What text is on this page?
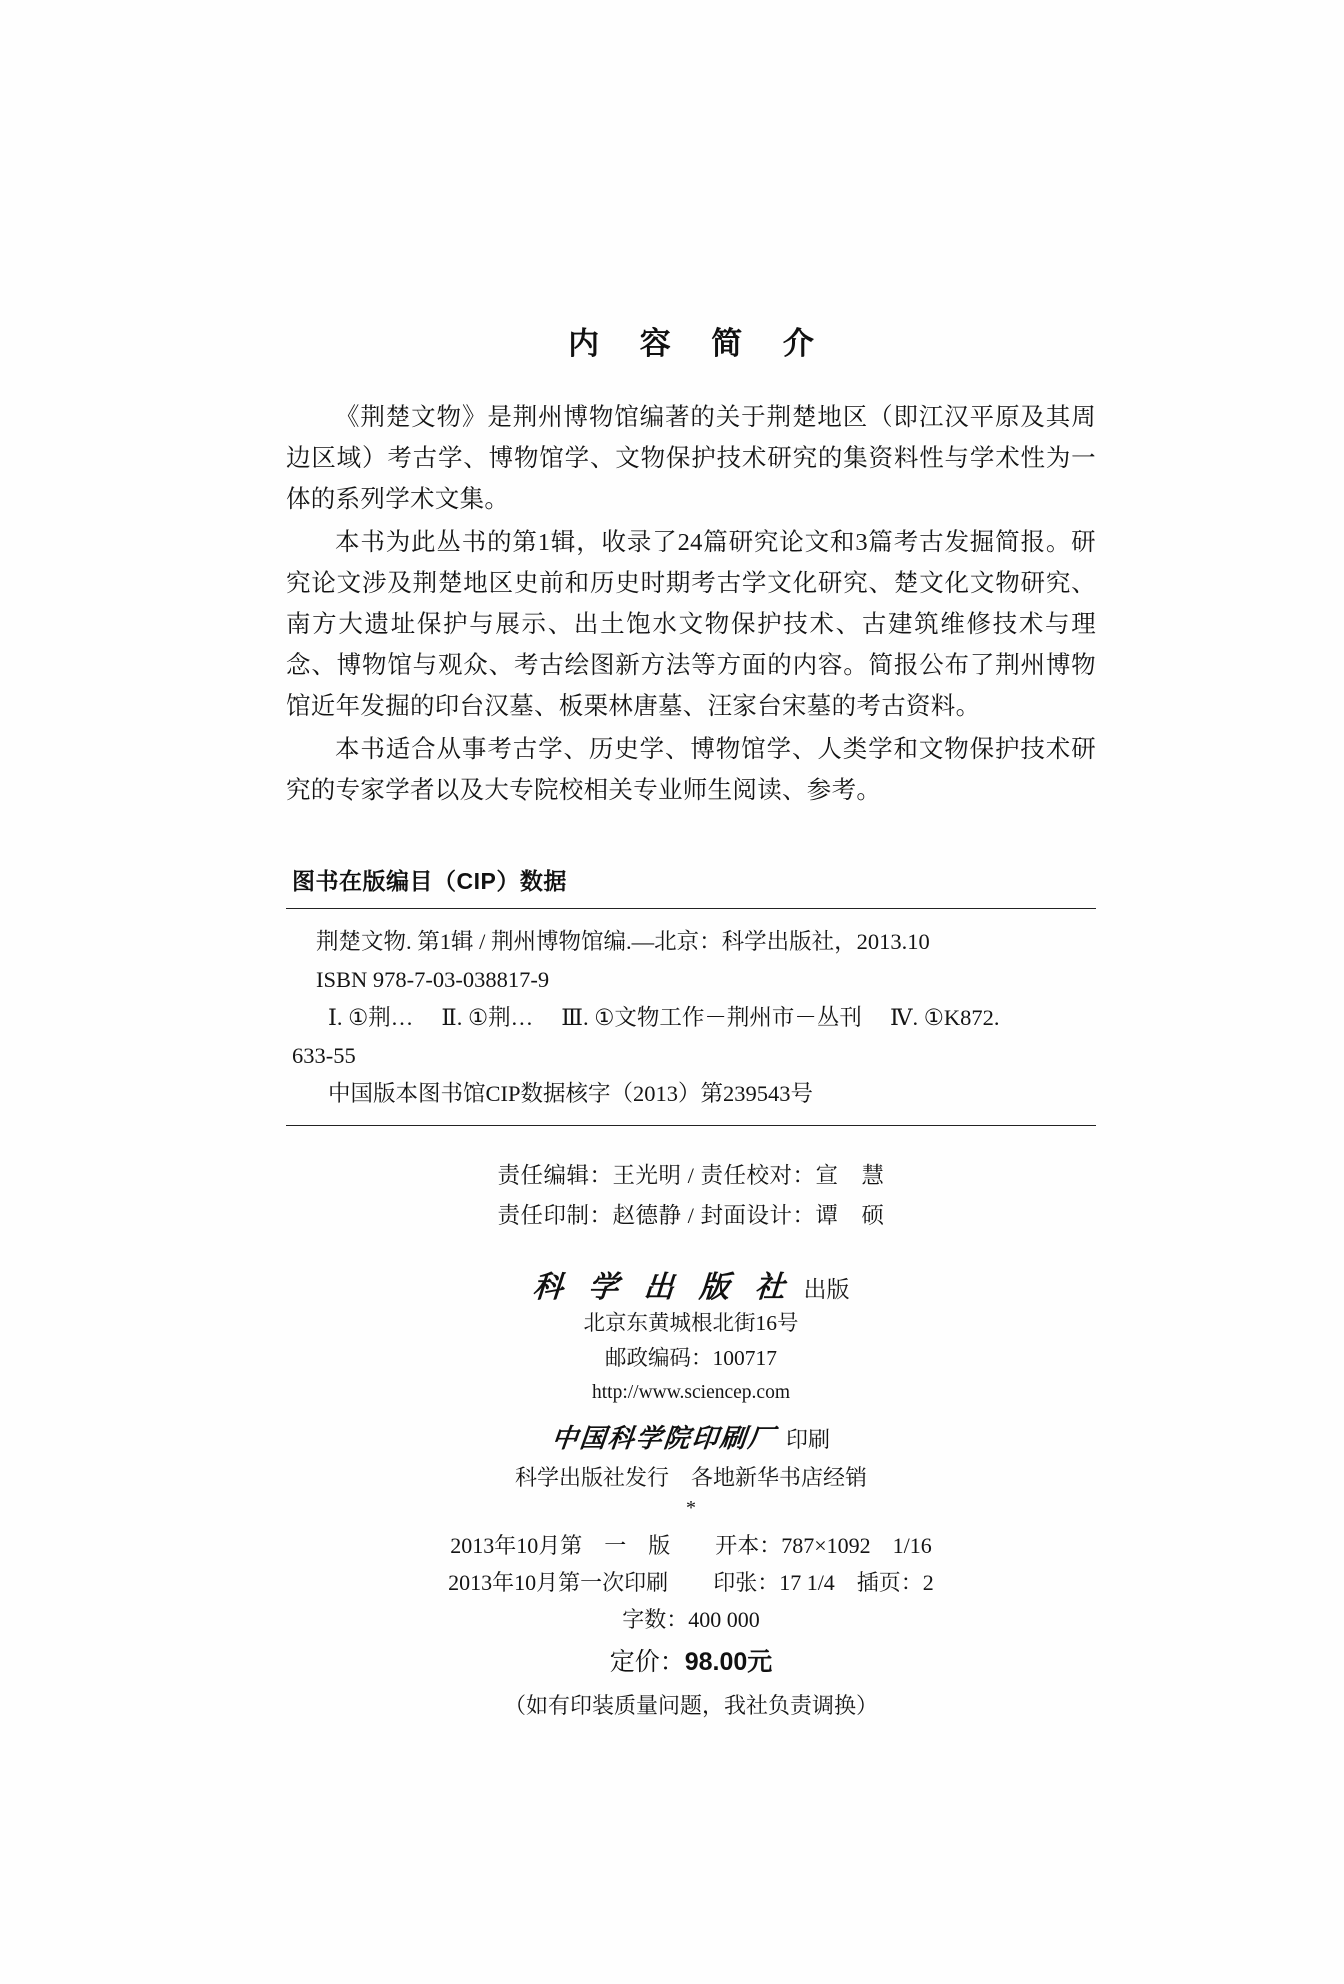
内 容 简 介

《荆楚文物》是荆州博物馆编著的关于荆楚地区（即江汉平原及其周边区域）考古学、博物馆学、文物保护技术研究的集资料性与学术性为一体的系列学术文集。

本书为此丛书的第1辑，收录了24篇研究论文和3篇考古发掘简报。研究论文涉及荆楚地区史前和历史时期考古学文化研究、楚文化文物研究、南方大遗址保护与展示、出土饱水文物保护技术、古建筑维修技术与理念、博物馆与观众、考古绘图新方法等方面的内容。简报公布了荆州博物馆近年发掘的印台汉墓、板栗林唐墓、汪家台宋墓的考古资料。

本书适合从事考古学、历史学、博物馆学、人类学和文物保护技术研究的专家学者以及大专院校相关专业师生阅读、参考。

图书在版编目（CIP）数据
荆楚文物. 第1辑 / 荆州博物馆编.—北京：科学出版社，2013.10
ISBN 978-7-03-038817-9
Ⅰ. ①荆… 　Ⅱ. ①荆… 　Ⅲ. ①文物工作－荆州市－丛刊 　Ⅳ. ①K872.
633-55
中国版本图书馆CIP数据核字（2013）第239543号
责任编辑：王光明 / 责任校对：宣　慧
责任印制：赵德静 / 封面设计：谭　硕
科 学 出 版 社 出版
北京东黄城根北街16号
邮政编码：100717
http://www.sciencep.com
中国科学院印刷厂 印刷
科学出版社发行　各地新华书店经销
*
2013年10月第　一　版 开本：787×1092　1/16
2013年10月第一次印刷 印张：17 1/4　插页：2
字数：400 000
定价：98.00元
（如有印装质量问题，我社负责调换）
